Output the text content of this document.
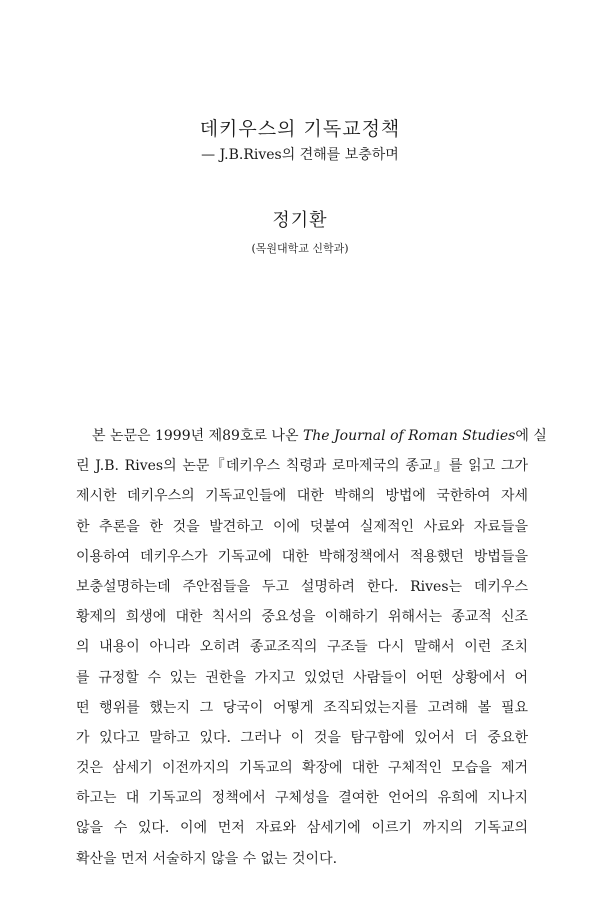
데키우스의 기독교정책
— J.B.Rives의 견해를 보충하며
정기환
(목원대학교 신학과)

본 논문은 1999년 제89호로 나온 The Journal of Roman Studies에 실
린 J.B. Rives의 논문『데키우스 칙령과 로마제국의 종교』를 읽고 그가
제시한 데키우스의 기독교인들에 대한 박해의 방법에 국한하여 자세
한 추론을 한 것을 발견하고 이에 덧붙여 실제적인 사료와 자료들을
이용하여 데키우스가 기독교에 대한 박해정책에서 적용했던 방법들을
보충설명하는데 주안점들을 두고 설명하려 한다. Rives는 데키우스
황제의 희생에 대한 칙서의 중요성을 이해하기 위해서는 종교적 신조
의 내용이 아니라 오히려 종교조직의 구조들 다시 말해서 이런 조치
를 규정할 수 있는 권한을 가지고 있었던 사람들이 어떤 상황에서 어
떤 행위를 했는지 그 당국이 어떻게 조직되었는지를 고려해 볼 필요
가 있다고 말하고 있다. 그러나 이 것을 탐구함에 있어서 더 중요한
것은 삼세기 이전까지의 기독교의 확장에 대한 구체적인 모습을 제거
하고는 대 기독교의 정책에서 구체성을 결여한 언어의 유희에 지나지
않을 수 있다. 이에 먼저 자료와 삼세기에 이르기 까지의 기독교의
확산을 먼저 서술하지 않을 수 없는 것이다.
